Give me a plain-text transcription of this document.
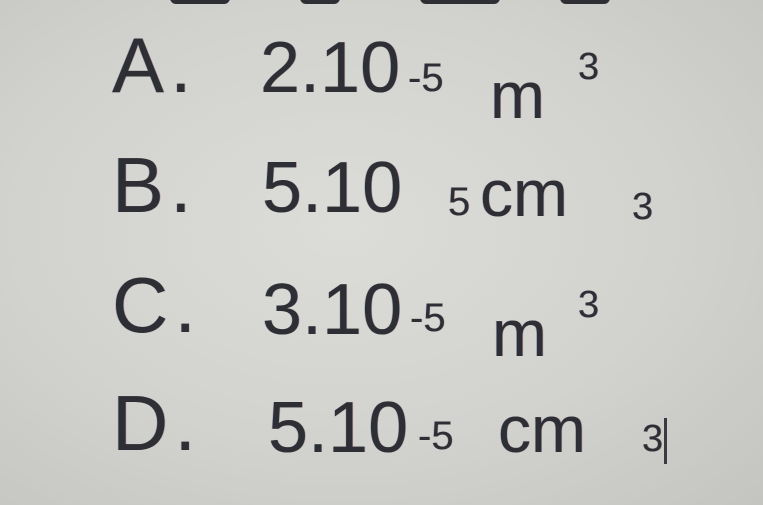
A. 2.10 -5 m 3
B. 5.10 5 cm 3
C. 3.10 -5 m 3
D. 5.10 -5 cm 3
